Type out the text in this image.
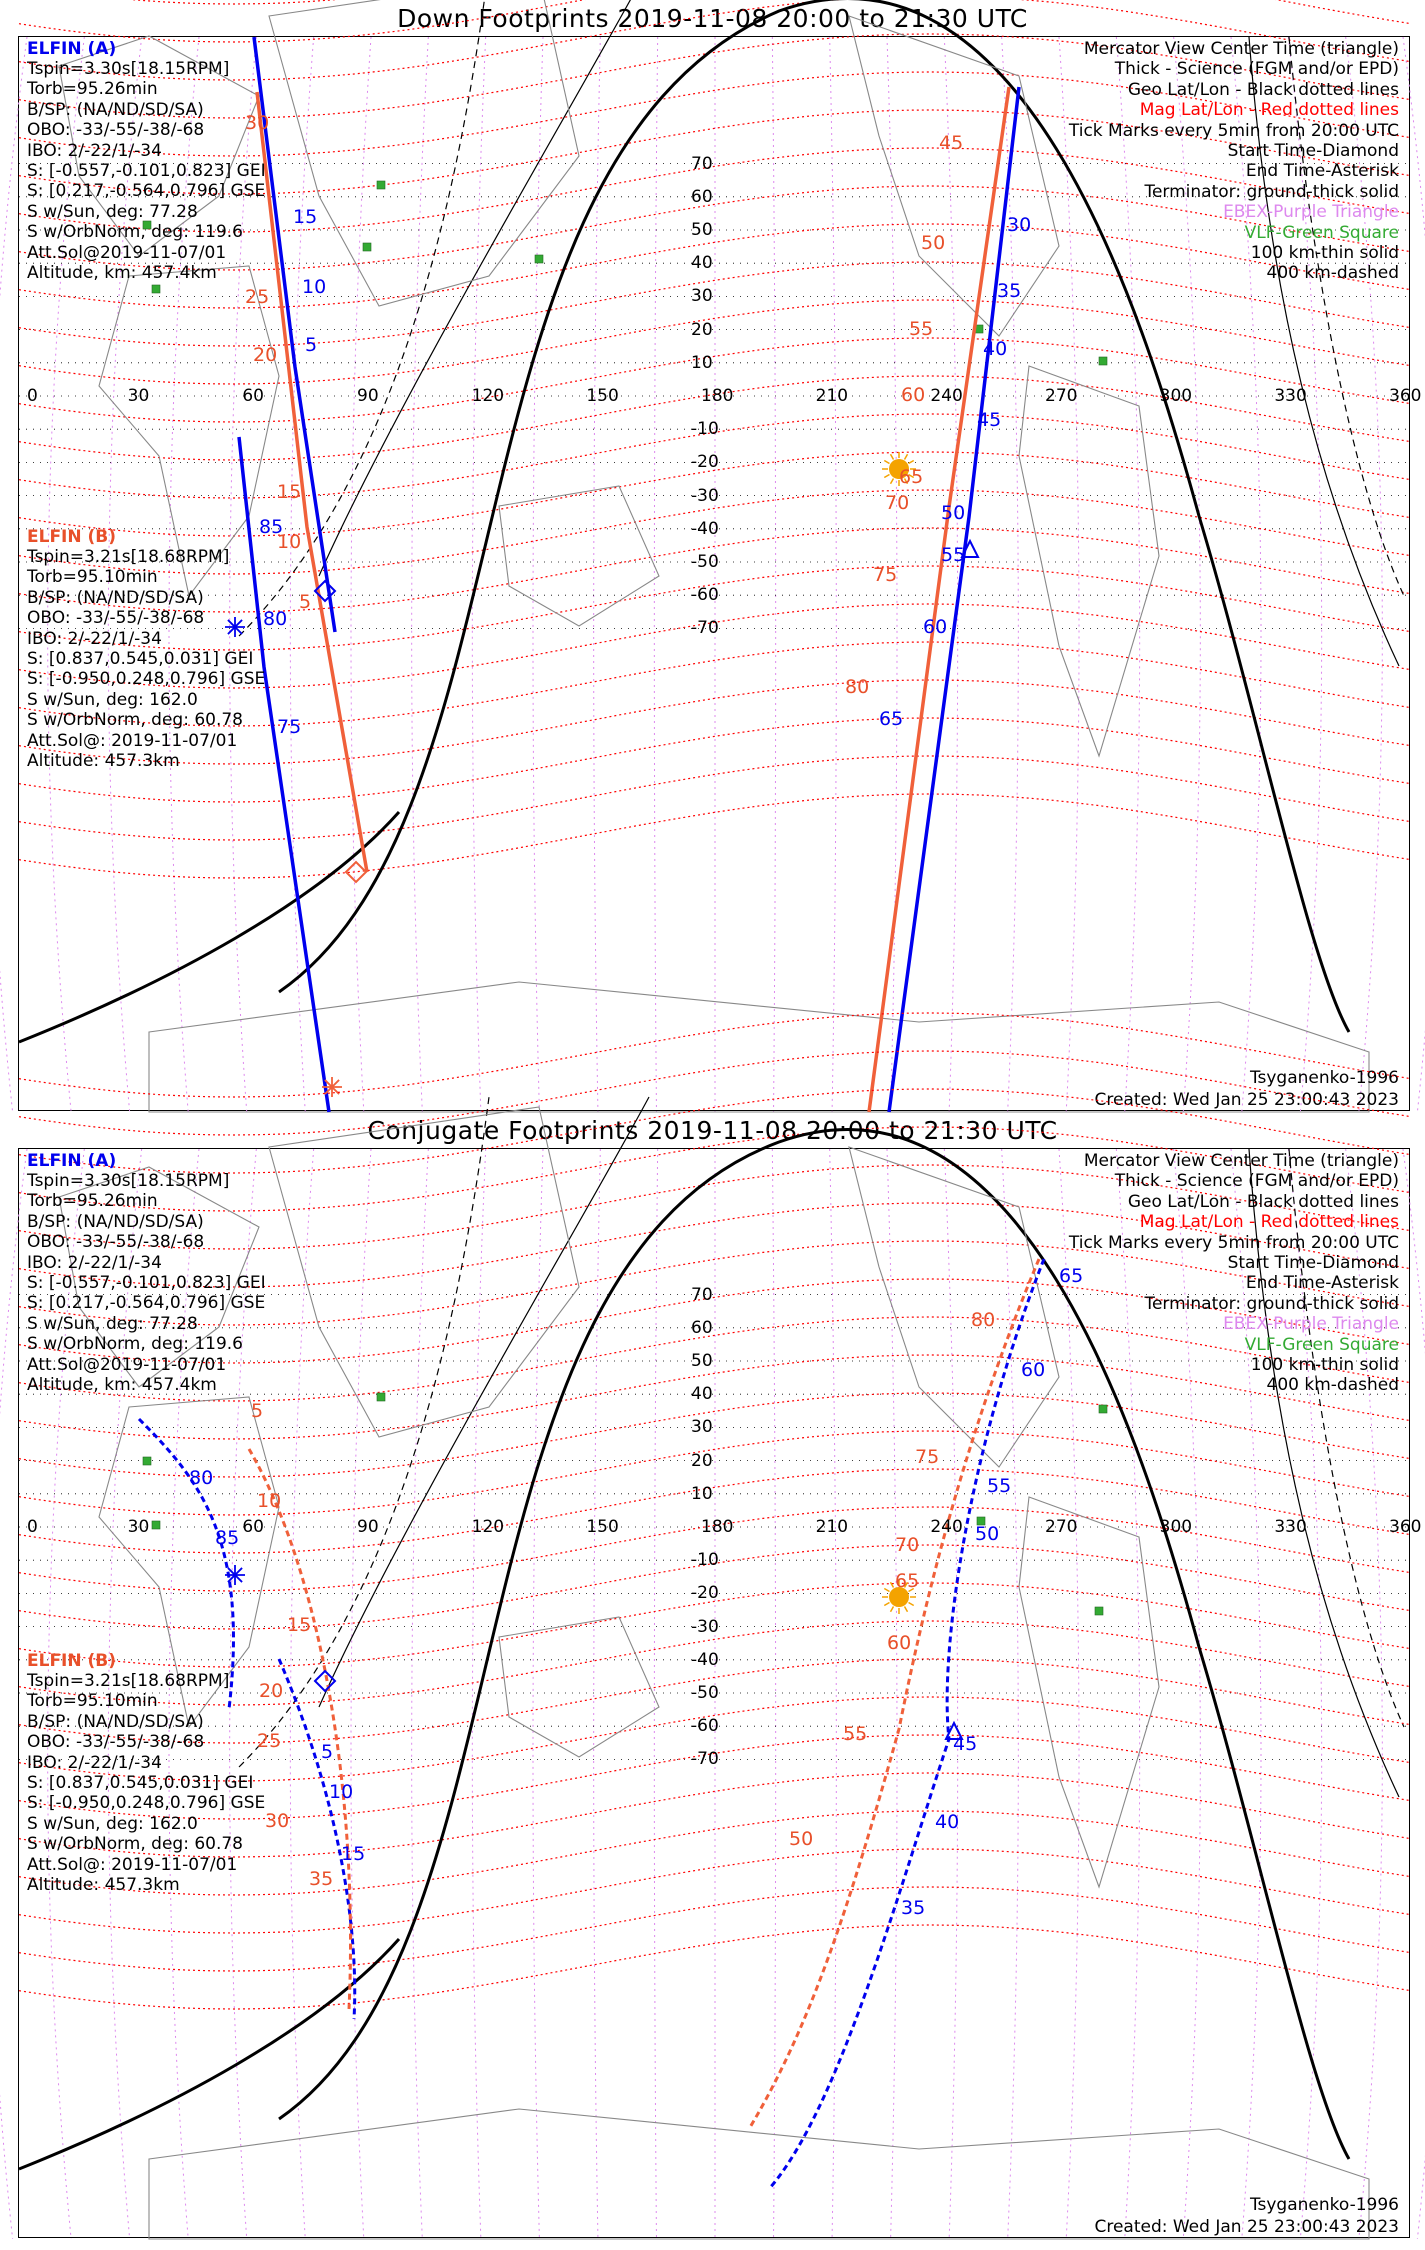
Down Footprints 2019-11-08 20:00 to 21:30 UTC
15
10
5
85
80
75
30
35
40
45
50
55
60
65
30
25
20
15
10
5
45
50
55
60
65
70
75
80
0	30	60	90	120	150	180	210	240	270	300	330	360
70
60
50
40
30
20
10
-10
-20
-30
-40
-50
-60
-70
ELFIN (A)
Tspin=3.30s[18.15RPM]
Torb=95.26min
B/SP: (NA/ND/SD/SA)
OBO: -33/-55/-38/-68
IBO: 2/-22/1/-34
S: [-0.557,-0.101,0.823] GEI
S: [0.217,-0.564,0.796] GSE
S w/Sun, deg: 77.28
S w/OrbNorm, deg: 119.6
Att.Sol@2019-11-07/01
Altitude, km: 457.4km
ELFIN (B)
Tspin=3.21s[18.68RPM]
Torb=95.10min
B/SP: (NA/ND/SD/SA)
OBO: -33/-55/-38/-68
IBO: 2/-22/1/-34
S: [0.837,0.545,0.031] GEI
S: [-0.950,0.248,0.796] GSE
S w/Sun, deg: 162.0
S w/OrbNorm, deg: 60.78
Att.Sol@: 2019-11-07/01
Altitude: 457.3km
Mercator View Center Time (triangle)
Thick - Science (FGM and/or EPD)
Geo Lat/Lon - Black dotted lines
Mag Lat/Lon - Red dotted lines
Tick Marks every 5min from 20:00 UTC
Start Time-Diamond
End Time-Asterisk
Terminator: ground-thick solid
EBEX-Purple Triangle
VLF-Green Square
100 km-thin solid
400 km-dashed
Tsyganenko-1996
Created: Wed Jan 25 23:00:43 2023
Conjugate Footprints 2019-11-08 20:00 to 21:30 UTC
80
85
5
10
15
65
60
55
50
45
40
35
5
10
15
20
25
30
35
80
75
70
65
60
55
50
0	30	60	90	120	150	180	210	240	270	300	330	360
70
60
50
40
30
20
10
-10
-20
-30
-40
-50
-60
-70
ELFIN (A)
Tspin=3.30s[18.15RPM]
Torb=95.26min
B/SP: (NA/ND/SD/SA)
OBO: -33/-55/-38/-68
IBO: 2/-22/1/-34
S: [-0.557,-0.101,0.823] GEI
S: [0.217,-0.564,0.796] GSE
S w/Sun, deg: 77.28
S w/OrbNorm, deg: 119.6
Att.Sol@2019-11-07/01
Altitude, km: 457.4km
ELFIN (B)
Tspin=3.21s[18.68RPM]
Torb=95.10min
B/SP: (NA/ND/SD/SA)
OBO: -33/-55/-38/-68
IBO: 2/-22/1/-34
S: [0.837,0.545,0.031] GEI
S: [-0.950,0.248,0.796] GSE
S w/Sun, deg: 162.0
S w/OrbNorm, deg: 60.78
Att.Sol@: 2019-11-07/01
Altitude: 457.3km
Mercator View Center Time (triangle)
Thick - Science (FGM and/or EPD)
Geo Lat/Lon - Black dotted lines
Mag Lat/Lon - Red dotted lines
Tick Marks every 5min from 20:00 UTC
Start Time-Diamond
End Time-Asterisk
Terminator: ground-thick solid
EBEX-Purple Triangle
VLF-Green Square
100 km-thin solid
400 km-dashed
Tsyganenko-1996
Created: Wed Jan 25 23:00:43 2023
